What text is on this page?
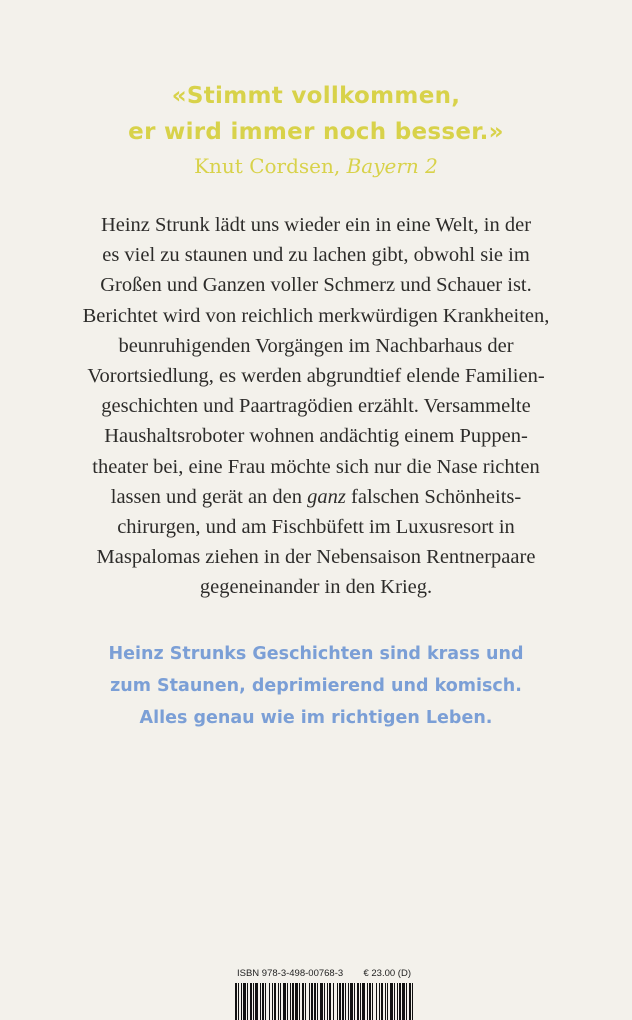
«Stimmt vollkommen,
er wird immer noch besser.»
Knut Cordsen, Bayern 2
Heinz Strunk lädt uns wieder ein in eine Welt, in der
es viel zu staunen und zu lachen gibt, obwohl sie im
Großen und Ganzen voller Schmerz und Schauer ist.
Berichtet wird von reichlich merkwürdigen Krankheiten,
beunruhigenden Vorgängen im Nachbarhaus der
Vorortsiedlung, es werden abgrundtief elende Familien-
geschichten und Paartragödien erzählt. Versammelte
Haushaltsroboter wohnen andächtig einem Puppen-
theater bei, eine Frau möchte sich nur die Nase richten
lassen und gerät an den ganz falschen Schönheits-
chirurgen, und am Fischbüfett im Luxusresort in
Maspalomas ziehen in der Nebensaison Rentnerpaare
gegeneinander in den Krieg.
Heinz Strunks Geschichten sind krass und
zum Staunen, deprimierend und komisch.
Alles genau wie im richtigen Leben.
ISBN 978-3-498-00768-3 € 23.00 (D)
